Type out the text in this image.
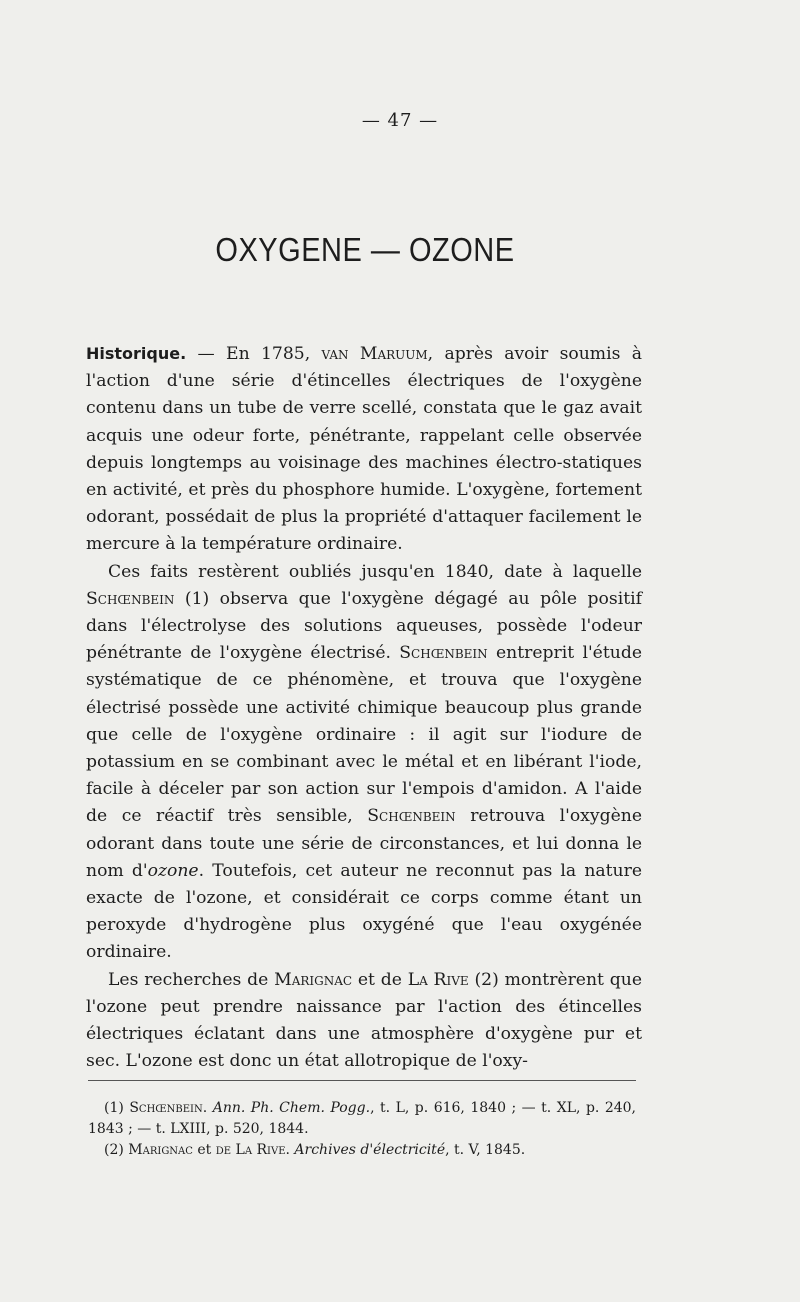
— 47 —
OXYGENE — OZONE

Historique. — En 1785, van Maruum, après avoir soumis à l'action d'une série d'étincelles électriques de l'oxygène contenu dans un tube de verre scellé, constata que le gaz avait acquis une odeur forte, pénétrante, rappelant celle observée depuis longtemps au voisinage des machines électro-statiques en activité, et près du phosphore humide. L'oxygène, fortement odorant, possédait de plus la propriété d'attaquer facilement le mercure à la température ordinaire.

Ces faits restèrent oubliés jusqu'en 1840, date à laquelle Schœnbein (1) observa que l'oxygène dégagé au pôle positif dans l'électrolyse des solutions aqueuses, possède l'odeur pénétrante de l'oxygène électrisé. Schœnbein entreprit l'étude systématique de ce phénomène, et trouva que l'oxygène électrisé possède une activité chimique beaucoup plus grande que celle de l'oxygène ordinaire : il agit sur l'iodure de potassium en se combinant avec le métal et en libérant l'iode, facile à déceler par son action sur l'empois d'amidon. A l'aide de ce réactif très sensible, Schœnbein retrouva l'oxygène odorant dans toute une série de circonstances, et lui donna le nom d'ozone. Toutefois, cet auteur ne reconnut pas la nature exacte de l'ozone, et considérait ce corps comme étant un peroxyde d'hydrogène plus oxygéné que l'eau oxygénée ordinaire.

Les recherches de Marignac et de La Rive (2) montrèrent que l'ozone peut prendre naissance par l'action des étincelles électriques éclatant dans une atmosphère d'oxygène pur et sec. L'ozone est donc un état allotropique de l'oxy-

(1) Schœnbein. Ann. Ph. Chem. Pogg., t. L, p. 616, 1840 ; — t. XL, p. 240, 1843 ; — t. LXIII, p. 520, 1844.

(2) Marignac et de La Rive. Archives d'électricité, t. V, 1845.
